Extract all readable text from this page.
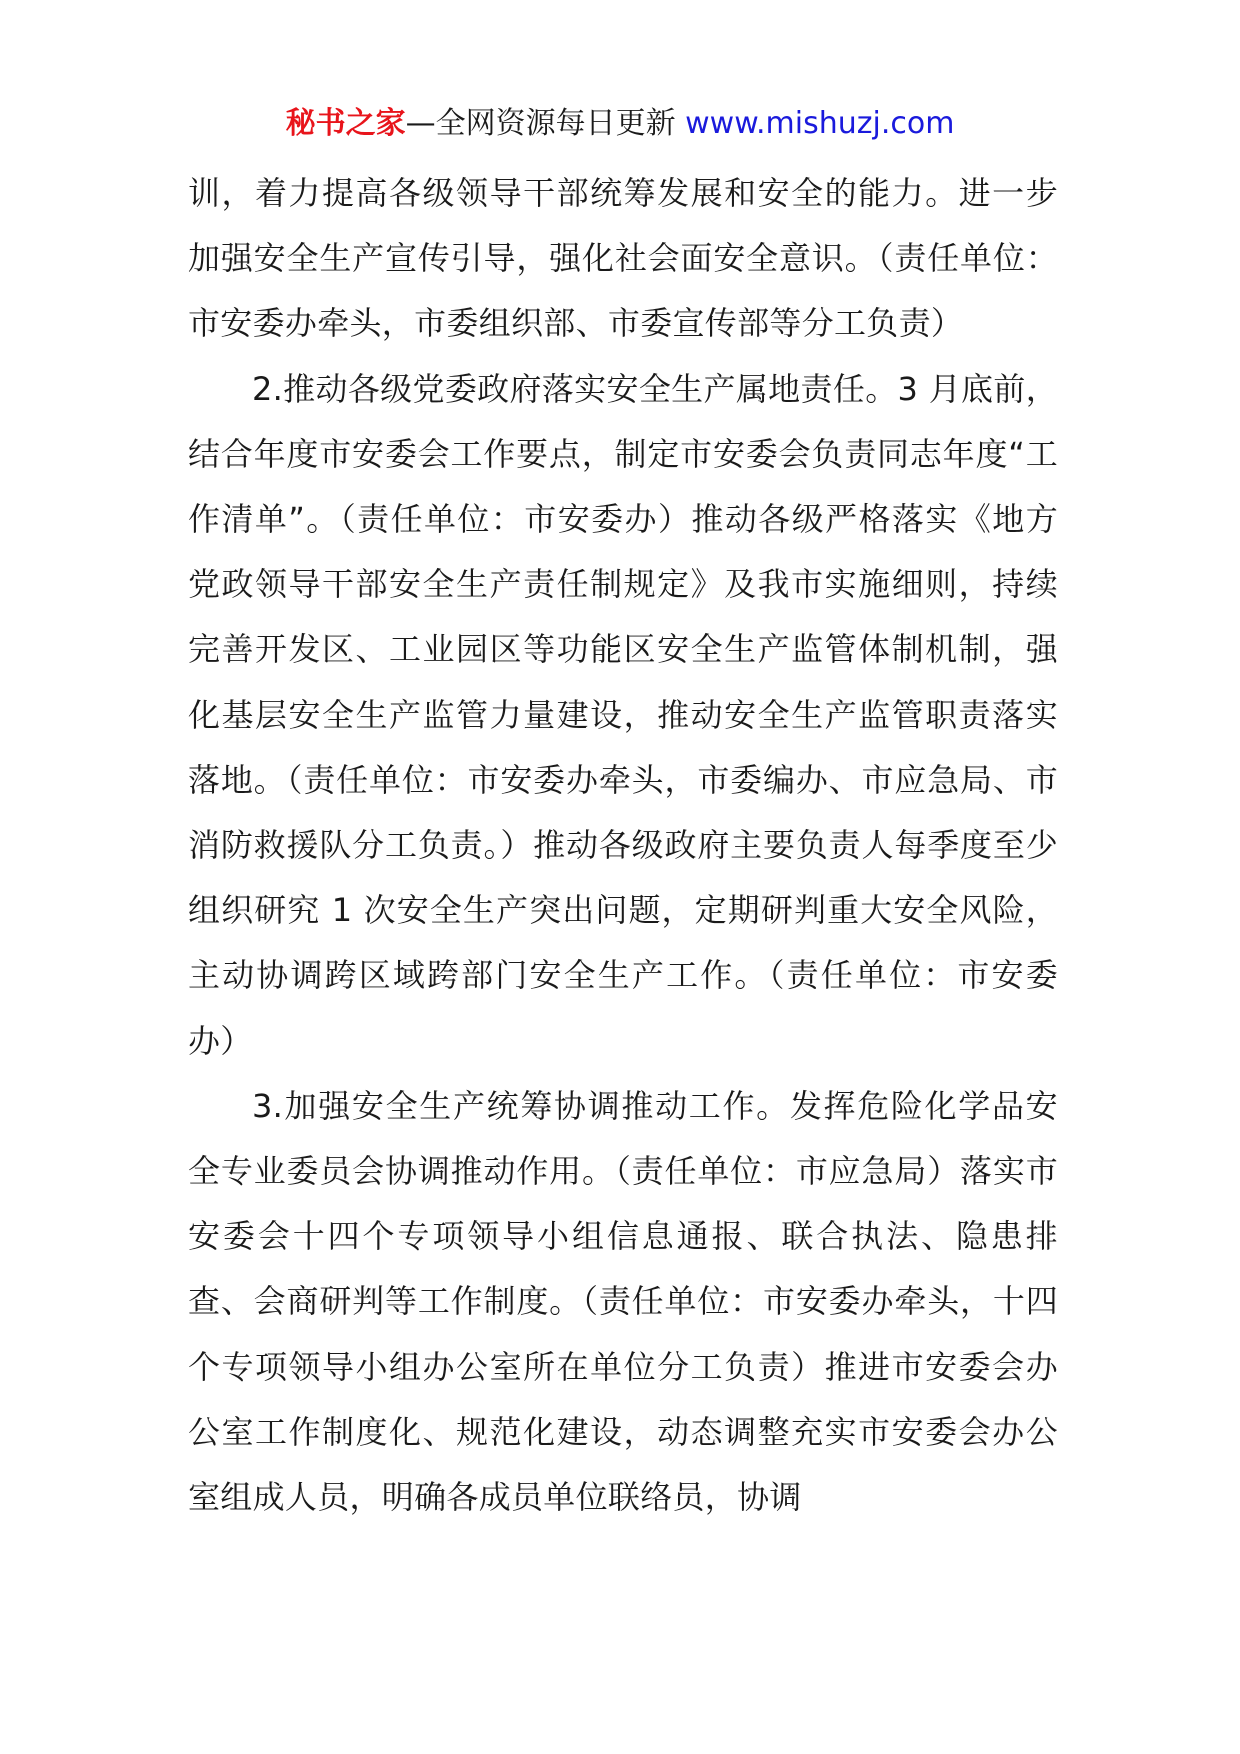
秘书之家—全网资源每日更新 www.mishuzj.com

训，着力提高各级领导干部统筹发展和安全的能力。进一步加强安全生产宣传引导，强化社会面安全意识。（责任单位：市安委办牵头，市委组织部、市委宣传部等分工负责）

2.推动各级党委政府落实安全生产属地责任。3 月底前，结合年度市安委会工作要点，制定市安委会负责同志年度“工作清单”。（责任单位：市安委办）推动各级严格落实《地方党政领导干部安全生产责任制规定》及我市实施细则，持续完善开发区、工业园区等功能区安全生产监管体制机制，强化基层安全生产监管力量建设，推动安全生产监管职责落实落地。（责任单位：市安委办牵头，市委编办、市应急局、市消防救援队分工负责。）推动各级政府主要负责人每季度至少组织研究 1 次安全生产突出问题，定期研判重大安全风险，主动协调跨区域跨部门安全生产工作。（责任单位：市安委办）

3.加强安全生产统筹协调推动工作。发挥危险化学品安全专业委员会协调推动作用。（责任单位：市应急局）落实市安委会十四个专项领导小组信息通报、联合执法、隐患排查、会商研判等工作制度。（责任单位：市安委办牵头，十四个专项领导小组办公室所在单位分工负责）推进市安委会办公室工作制度化、规范化建设，动态调整充实市安委会办公室组成人员，明确各成员单位联络员，协调
